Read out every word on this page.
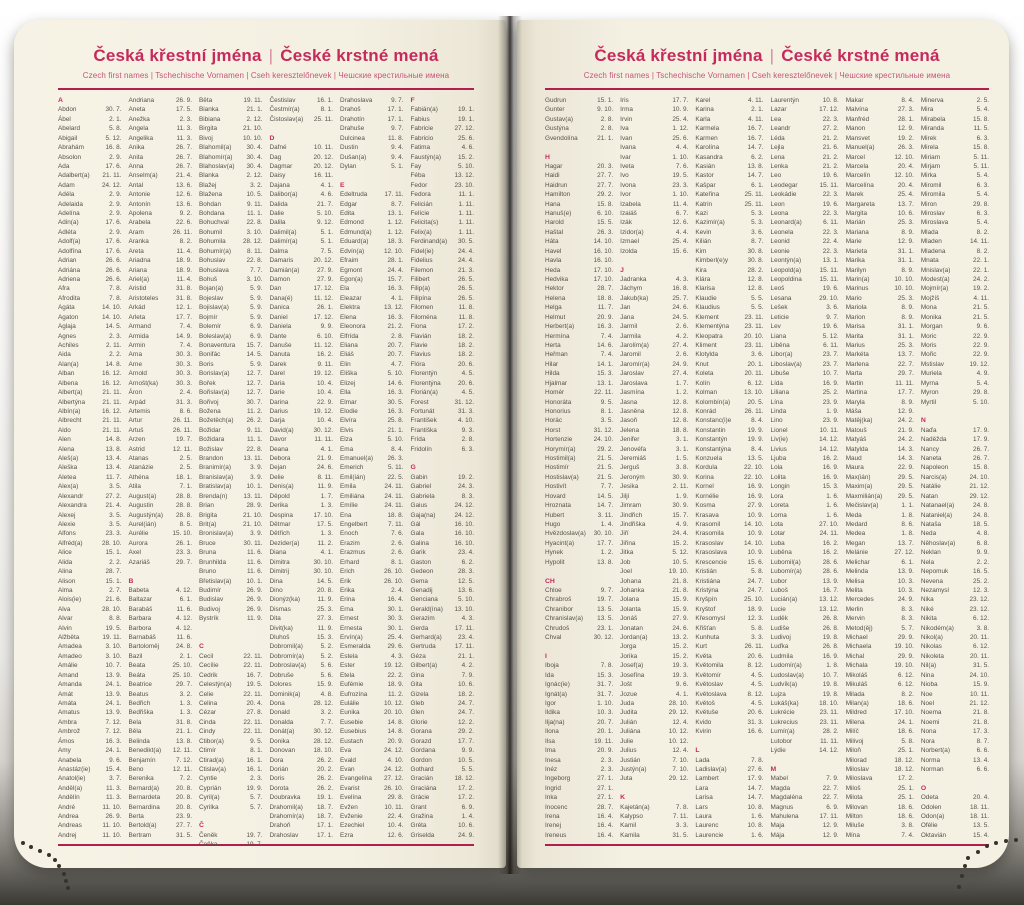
Česká křestní jména | České krstné mená
Czech first names | Tschechische Vornamen | Cseh keresztelőnevek | Чешские крестильные имена
A
Abdon	30. 7.
Ábel	2. 1.
Abelard	5. 8.
Abigail	5. 12.
Abrahám	16. 8.
Absolon	2. 9.
Ada	17. 6.
Adalbert(a)	21. 11.
Adam	24. 12.
Adéla	2. 9.
Adelaida	2. 9.
Adelína	2. 9.
Adin(a)	17. 6.
Adléta	2. 9.
Adolf(a)	17. 6.
Adolfína	17. 6.
Adrian	26. 6.
Adriána	26. 6.
Adriena	26. 6.
Afra	7. 8.
Afrodita	7. 8.
Agáta	14. 10.
Agaton	14. 10.
Aglaja	14. 5.
Agnes	2. 3.
Achiles	2. 11.
Aida	2. 2.
Alan(a)	14. 8.
Alban	16. 12.
Albena	16. 12.
Albert(a)	21. 11.
Albertýna	21. 11.
Albín(a)	16. 12.
Albrecht	21. 11.
Aldo	21. 11.
Alen	14. 8.
Alena	13. 8.
Aleš(a)	13. 4.
Aleška	13. 4.
Aletea	11. 7.
Alex(a)	3. 5.
Alexandr	27. 2.
Alexandra	21. 4.
Alexej	3. 5.
Alexie	3. 5.
Alfons	23. 3.
Alfréd(a)	28. 10.
Alice	15. 1.
Alida	2. 2.
Alina	28. 7.
Alison	15. 1.
Alma	2. 7.
Alois(ie)	21. 6.
Alva	28. 10.
Alvar	8. 8.
Alvin	19. 5.
Alžběta	19. 11.
Amadea	3. 10.
Amadeo	3. 10.
Amálie	10. 7.
Amand	13. 9.
Amanda	24. 1.
Amát	13. 9.
Amáta	24. 1.
Amatus	13. 9.
Ambra	7. 12.
Ambrož	7. 12.
Ámos	16. 3.
Amy	24. 1.
Anabela	9. 6.
Anastáz(ie)	15. 4.
Anatol(ie)	3. 7.
Anděl(a)	11. 3.
Andělín	11. 3.
André	11. 10.
Andrea	26. 9.
Andreas	11. 10.
Andrej	11. 10.
Andriana	26. 9.
Aneta	17. 5.
Anežka	2. 3.
Angela	11. 3.
Angelika	11. 3.
Anika	26. 7.
Anita	26. 7.
Anna	26. 7.
Anselm(a)	21. 4.
Antal	13. 6.
Antonie	12. 6.
Antonín	13. 6.
Apolena	9. 2.
Arabela	22. 6.
Aram	26. 11.
Aranka	8. 2.
Areta	11. 4.
Ariadna	18. 9.
Ariana	18. 9.
Ariel(a)	11. 4.
Aristid	31. 8.
Aristoteles	31. 8.
Arkád	12. 1.
Arleta	17. 7.
Armand	7. 4.
Armida	14. 9.
Armin	7. 4.
Arna	30. 3.
Arne	30. 3.
Arnold	30. 3.
Arnošt(ka)	30. 3.
Áron	2. 4.
Arpád	31. 3.
Artemis	8. 6.
Artur	26. 11.
Artuš	26. 11.
Arzen	19. 7.
Astrid	12. 11.
Atanas	2. 5.
Atanázie	2. 5.
Athéna	18. 1.
Atila	7. 1.
August(a)	28. 8.
Augustin	28. 8.
Augustýn(a)	28. 8.
Aurel(ián)	8. 5.
Aurélie	15. 10.
Aurora	26. 1.
Axel	23. 3.
Azariáš	29. 7.
B
Babeta	4. 12.
Baltazar	6. 1.
Barabáš	11. 6.
Barbara	4. 12.
Barbora	4. 12.
Barnabáš	11. 6.
Bartoloměj	24. 8.
Bazil	2. 1.
Beata	25. 10.
Beáta	25. 10.
Beatrice	29. 7.
Beatus	3. 2.
Bedřich	1. 3.
Bedřiška	1. 3.
Bela	31. 8.
Běla	21. 1.
Belinda	13. 8.
Benedikt(a)	12. 11.
Benjamín	7. 12.
Beno	12. 11.
Berenika	7. 2.
Bernard(a)	20. 8.
Bernardeta	20. 8.
Bernardina	20. 8.
Berta	23. 9.
Bertold(a)	27. 7.
Bertram	31. 5.
Běta	19. 11.
Bianka	21. 1.
Bibiana	2. 12.
Birgita	21. 10.
Bivoj	10. 10.
Blahomil(a)	30. 4.
Blahomír(a)	30. 4.
Blahoslav(a)	30. 4.
Blanka	2. 12.
Blažej	3. 2.
Blažena	10. 5.
Bohdan	9. 11.
Bohdana	11. 1.
Bohuchval	22. 8.
Bohumil	3. 10.
Bohumila	28. 12.
Bohumír(a)	8. 11.
Bohuslav	22. 8.
Bohuslava	7. 7.
Bohuš	3. 10.
Bojan(a)	5. 9.
Bojeslav	5. 9.
Bojislav(a)	5. 9.
Bojmír	5. 9.
Bolemír	6. 9.
Boleslav(a)	6. 9.
Bonaventura	15. 7.
Bonifác	14. 5.
Boris	5. 9.
Borislav(a)	12. 7.
Bořek	12. 7.
Bořislav(a)	12. 7.
Bořivoj	30. 7.
Božena	11. 2.
Božetěch(a)	26. 2.
Božidar	9. 11.
Božidara	11. 1.
Božislav	22. 8.
Brandon	13. 11.
Branimír(a)	3. 9.
Branislav(a)	3. 9.
Bratislav(a)	10. 1.
Brenda(n)	13. 11.
Brian	28. 9.
Brigita	21. 10.
Brit(a)	21. 10.
Bronislav(a)	3. 9.
Bruce	30. 11.
Bruna	11. 6.
Brunhilda	11. 6.
Bruno	11. 6.
Břetislav(a)	10. 1.
Budimír	26. 9.
Budislav	26. 9.
Budivoj	26. 9.
Bystrík	11. 9.
C
Cecil	22. 11.
Cecílie	22. 11.
Cedrik	16. 7.
Celestýn(a)	19. 5.
Celie	22. 11.
Celina	20. 4.
Cézar	27. 8.
Cinda	22. 11.
Cindy	22. 11.
Ctibor(a)	9. 5.
Ctimír	8. 1.
Ctirad(a)	16. 1.
Ctislav(a)	16. 1.
Cyntie	2. 3.
Cyprián	19. 9.
Cyril(a)	5. 7.
Cyrilka	5. 7.
Č
Čeněk	19. 7.
Čeňka	19. 7.
Čestislav	16. 1.
Čestmír(a)	8. 1.
Čistoslav(a)	25. 11.
D
Dafné	10. 11.
Dag	20. 12.
Dagmar	20. 12.
Daisy	16. 11.
Dajana	4. 1.
Dalibor(a)	4. 6.
Dalida	21. 7.
Dalie	5. 10.
Dalila	9. 12.
Dalimil(a)	5. 1.
Dalimír(a)	5. 1.
Dalma	7. 5.
Damaris	20. 12.
Damián(a)	27. 9.
Damon	27. 9.
Dan	17. 12.
Dana(é)	11. 12.
Danica	26. 1.
Daniel	17. 12.
Daniela	9. 9.
Dante	6. 10.
Danuše	11. 12.
Danuta	16. 2.
Darek	9. 11.
Darel	19. 12.
Daria	10. 4.
Darie	10. 4.
Darina	22. 9.
Darius	19. 12.
Darja	10. 4.
David(a)	30. 12.
Davor	11. 11.
Deana	4. 1.
Debora	21. 9.
Dejan	24. 6.
Delie	8. 11.
Denis(a)	11. 9.
Děpold	1. 7.
Derika	1. 3.
Despina	17. 10.
Dětmar	17. 5.
Dětřich	1. 3.
Dezider(a)	11. 2.
Diana	4. 1.
Dimitra	30. 10.
Dimitrij	30. 10.
Dina	14. 5.
Dino	20. 8.
Dionýz(ka)	11. 9.
Dismas	25. 3.
Dita	27. 3.
Divit(ka)	11. 9.
Dluhoš	15. 3.
Dobromil(a)	5. 2.
Dobromír(a)	5. 2.
Dobroslav(a)	5. 6.
Dobruše	5. 6.
Dolores	15. 9.
Dominik(a)	4. 8.
Dona	28. 12.
Donald	3. 2.
Donalda	7. 7.
Donát(a)	30. 12.
Donika	28. 12.
Donovan	18. 10.
Dora	26. 2.
Dorián	20. 2.
Doris	26. 2.
Dorota	26. 2.
Doubravka	19. 1.
Drahomil(a)	18. 7.
Drahomír(a)	18. 7.
Drahoň	17. 1.
Drahoslav	17. 1.
Drahoslava	9. 7.
Drahoš	17. 1.
Drahotín	17. 1.
Drahuše	9. 7.
Dulcinea	11. 8.
Dustin	9. 4.
Dušan(a)	9. 4.
Dylan	5. 1.
E
Edeltruda	17. 11.
Edgar	8. 7.
Edita	13. 1.
Edmond	1. 12.
Edmund(a)	1. 12.
Eduard(a)	18. 3.
Edvín(a)	12. 10.
Efraim	28. 1.
Egmont	24. 4.
Egon(a)	15. 7.
Ela	16. 3.
Eleazar	4. 1.
Elektra	13. 12.
Elena	16. 3.
Eleonora	21. 2.
Elfrída	2. 8.
Eliana	20. 7.
Eliáš	20. 7.
Elin	4. 7.
Eliška	5. 10.
Elizej	14. 6.
Ella	16. 3.
Elmar	30. 5.
Elodie	16. 3.
Elvíra	25. 8.
Elvis	21. 1.
Elza	5. 10.
Ema	8. 4.
Emanuel(a)	26. 3.
Emerich	5. 11.
Emil(ián)	22. 5.
Emila	24. 11.
Emiliána	24. 11.
Emílie	24. 11.
Ena	18. 8.
Engelbert	7. 11.
Enoch	7. 6.
Erazim	2. 6.
Erazmus	2. 6.
Erhard	8. 1.
Erich	26. 10.
Erik	26. 10.
Erika	2. 4.
Erina	16. 4.
Erna	30. 1.
Ernest	30. 3.
Ernesta	30. 1.
Ervín(a)	25. 4.
Esmeralda	29. 6.
Estela	4. 3.
Ester	19. 12.
Etela	22. 2.
Eufémie	18. 9.
Eufrozína	11. 2.
Eulálie	10. 12.
Eunika	20. 10.
Eusebie	14. 8.
Eusebius	14. 8.
Eustach	20. 9.
Eva	24. 12.
Evald	4. 10.
Evan	24. 12.
Evangelína	27. 12.
Evarist	26. 10.
Evelína	29. 8.
Evžen	10. 11.
Evženie	22. 4.
Ezechiel	10. 4.
Ezra	12. 6.
F
Fabián(a)	19. 1.
Fabius	19. 1.
Fabricie	27. 12.
Fabricio	25. 6.
Fatima	4. 6.
Faustýn(a)	15. 2.
Fay	5. 10.
Féba	13. 12.
Fedor	23. 10.
Fedora	11. 1.
Felicián	1. 11.
Felície	1. 11.
Felicita(s)	1. 11.
Felix(a)	1. 11.
Ferdinand(a)	30. 5.
Fidel(ie)	24. 4.
Fidelius	24. 4.
Filemon	21. 3.
Filibert	26. 5.
Filip(a)	26. 5.
Filipína	26. 5.
Filomen	11. 8.
Filoména	11. 8.
Fiona	17. 2.
Flavián	18. 2.
Flavie	18. 2.
Flavius	18. 2.
Flóra	20. 6.
Florentýn	4. 5.
Florentýna	20. 6.
Florián(a)	4. 5.
Forest	31. 12.
Fortunát	31. 3.
František	4. 10.
Františka	9. 3.
Frída	2. 8.
Fridolín	6. 3.
G
Gabin	19. 2.
Gabriel	24. 3.
Gabriela	8. 3.
Gaius	24. 12.
Gaja(na)	24. 12.
Gál	16. 10.
Gala	16. 10.
Galina	16. 10.
Garik	23. 4.
Gaston	6. 2.
Gedeon	28. 3.
Gema	12. 5.
Genadij	13. 6.
Genciana	5. 10.
Gerald(ína)	13. 10.
Gerazim	4. 3.
Gerda	17. 11.
Gerhard(a)	23. 4.
Gertruda	17. 11.
Géza	21. 1.
Gilbert(a)	4. 2.
Gina	7. 9.
Gita	10. 6.
Gizela	18. 2.
Gleb	24. 7.
Glen	24. 7.
Glorie	12. 2.
Gorana	29. 2.
Gorazd	17. 7.
Gordana	9. 9.
Gordon	10. 5.
Gothard	5. 5.
Gracián	18. 12.
Graciána	17. 2.
Grácie	17. 2.
Grant	6. 9.
Gražina	1. 4.
Gréta	10. 6.
Griselda	24. 9.
Česká křestní jména | České krstné mená
Czech first names | Tschechische Vornamen | Cseh keresztelőnevek | Чешские крестильные имена
Gudrun	15. 1.
Gunter	9. 10.
Gustav(a)	2. 8.
Gustýna	2. 8.
Gvendolína	21. 1.
H
Hagar	20. 3.
Haidi	27. 7.
Haidrun	27. 7.
Hamilton	29. 2.
Hana	15. 8.
Hanuš(e)	6. 10.
Harold	15. 5.
Haštal	26. 3.
Háta	14. 10.
Havel	16. 10.
Havla	16. 10.
Heda	17. 10.
Hedvika	17. 10.
Hektor	28. 7.
Helena	18. 8.
Helga	11. 7.
Helmut	20. 9.
Herbert(a)	16. 3.
Hermína	7. 4.
Herta	14. 6.
Heřman	7. 4.
Hilar	14. 1.
Hilda	15. 3.
Hjalmar	13. 1.
Homér	22. 11.
Honoráta	9. 5.
Honorius	8. 1.
Horác	3. 5.
Horst	31. 12.
Hortenzie	24. 10.
Horymír(a)	29. 2.
Hostimil(a)	21. 5.
Hostimír	21. 5.
Hostislav(a)	21. 5.
Hostivít	7. 7.
Hovard	14. 5.
Hroznata	14. 7.
Hubert	3. 11.
Hugo	1. 4.
Hvězdoslav(a)	30. 10.
Hyacint(a)	17. 7.
Hynek	1. 2.
Hypolit	13. 8.
CH
Chloe	9. 7.
Chrabroš	19. 7.
Chranibor	13. 5.
Chranislav(a)	13. 5.
Chrudoš	23. 1.
Chval	30. 12.
I
Iboja	7. 8.
Ida	15. 3.
Ignác(ie)	31. 7.
Ignát(a)	31. 7.
Igor	1. 10.
Ildika	10. 3.
Ilja(na)	20. 7.
Ilona	20. 1.
Ilsa	19. 11.
Ima	20. 9.
Inesa	2. 3.
Inéz	2. 3.
Ingeborg	27. 1.
Ingrid	27. 1.
Inka	27. 1.
Inocenc	28. 7.
Irena	16. 4.
Irenej	16. 4.
Ireneus	16. 4.
Iris	17. 7.
Irma	10. 9.
Irvin	25. 4.
Iva	1. 12.
Ivan	25. 6.
Ivana	4. 4.
Ivar	1. 10.
Iveta	7. 6.
Ivo	19. 5.
Ivona	23. 3.
Ivor	1. 10.
Izabela	11. 4.
Izaiáš	6. 7.
Izák	12. 6.
Izidor(a)	4. 4.
Izmael	25. 4.
Izolda	15. 6.
J
Jadranka	4. 3.
Jáchym	16. 8.
Jakub(ka)	25. 7.
Jan	24. 6.
Jana	24. 5.
Jarmil	2. 6.
Jarmila	4. 2.
Jarolím(a)	27. 4.
Jaromil	2. 6.
Jaromír(a)	24. 9.
Jaroslav	27. 4.
Jaroslava	1. 7.
Jasmína	1. 2.
Jasna	12. 8.
Jasněna	12. 8.
Jasoň	12. 8.
Jelena	18. 8.
Jenifer	3. 1.
Jenovéfa	3. 1.
Jeremiáš	1. 5.
Jerguš	3. 8.
Jeroným	30. 9.
Jesika	2. 11.
Jiljí	1. 9.
Jimram	30. 9.
Jindřich	15. 7.
Jindřiška	4. 9.
Jiří	24. 4.
Jiřina	15. 2.
Jitka	5. 12.
Job	10. 5.
Joel	19. 10.
Johana	21. 8.
Johanka	21. 8.
Jolana	15. 9.
Jolanta	15. 9.
Jonáš	27. 9.
Jonatan	24. 6.
Jordan(a)	13. 2.
Jorga	15. 2.
Jorika	15. 2.
Josef(a)	19. 3.
Josefína	19. 3.
Jošt	9. 6.
Jozue	4. 1.
Juda	28. 10.
Judita	29. 12.
Julián	12. 4.
Juliána	10. 12.
Julie	10. 12.
Julius	12. 4.
Justián	7. 10.
Justýn(a)	7. 10.
Juta	29. 12.
K
Kajetán(a)	7. 8.
Kalypso	7. 11.
Kamil	3. 3.
Kamila	31. 5.
Karel	4. 11.
Karina	2. 1.
Karla	4. 11.
Karmela	16. 7.
Karmen	16. 7.
Karolína	14. 7.
Kasandra	6. 2.
Kasián	13. 8.
Kastor	14. 7.
Kašpar	6. 1.
Kateřina	25. 11.
Katrin	25. 11.
Kazi	5. 3.
Kazimír(a)	5. 3.
Kevin	3. 6.
Kilián	8. 7.
Kim	30. 8.
Kimberl(e)y	30. 8.
Kira	28. 2.
Klára	12. 8.
Klarisa	12. 8.
Klaudie	5. 5.
Klaudius	5. 5.
Klement	23. 11.
Klementýna	23. 11.
Kleopatra	20. 10.
Kliment	23. 11.
Klotylda	3. 6.
Knut	20. 1.
Koleta	20. 11.
Kolín	6. 12.
Kolman	13. 10.
Kolombín(a)	20. 5.
Konrád	26. 11.
Konstanc(i)e	8. 4.
Konstantin	19. 9.
Konstantýn	19. 9.
Konstantýna	8. 4.
Konzuela	13. 5.
Kordula	22. 10.
Korina	22. 10.
Kornel	16. 9.
Kornélie	16. 9.
Kosma	27. 9.
Krasava	10. 9.
Krasomil	14. 10.
Krasomila	10. 9.
Krasoslav	14. 10.
Krasoslava	10. 9.
Krescencie	15. 6.
Kristián	5. 8.
Kristiána	24. 7.
Kristýna	24. 7.
Kryšpín	25. 10.
Kryštof	18. 9.
Křesomysl	12. 3.
Křišťan	5. 8.
Kunhuta	3. 3.
Kurt	26. 11.
Květa	20. 6.
Květomila	8. 12.
Květomír	4. 5.
Květoslav	4. 5.
Květoslava	8. 12.
Květoš	4. 5.
Květuše	20. 6.
Kvido	31. 3.
Kvirin	16. 6.
L
Lada	7. 8.
Ladislav(a)	27. 6.
Lambert	17. 9.
Lara	14. 7.
Larisa	14. 7.
Lars	10. 8.
Laura	1. 6.
Laurenc	10. 8.
Laurencie	1. 6.
Laurentýn	10. 8.
Lazar	17. 12.
Lea	22. 3.
Leandr	27. 2.
Léda	21. 2.
Lejla	21. 6.
Lena	21. 2.
Lenka	21. 2.
Leo	19. 6.
Leodegar	15. 11.
Leokádie	22. 3.
Leon	19. 6.
Leona	22. 3.
Leonard(a)	6. 11.
Leonela	22. 3.
Leonid	22. 4.
Leonie	22. 3.
Leontýn(a)	13. 1.
Leopold(a)	15. 11.
Leopoldina	15. 11.
Leoš	19. 6.
Lesana	29. 10.
Lešek	3. 6.
Leticie	9. 7.
Lev	19. 6.
Liana	5. 12.
Liběna	6. 11.
Libor(a)	23. 7.
Liboslav(a)	23. 7.
Libuše	10. 7.
Lída	16. 9.
Liliana	25. 2.
Lína	23. 9.
Linda	1. 9.
Lino	23. 9.
Lionel	10. 11.
Liv(ie)	14. 12.
Livius	14. 12.
Ljuba	16. 2.
Lola	16. 9.
Lolita	16. 9.
Longin	15. 3.
Lora	1. 6.
Loreta	1. 6.
Lorna	1. 6.
Lota	27. 10.
Lotar	24. 11.
Luba	16. 2.
Luběna	16. 2.
Lubomil(a)	28. 6.
Lubomír(a)	28. 6.
Lubor	13. 9.
Luboš	16. 7.
Lucián(a)	13. 12.
Lucie	13. 12.
Luděk	26. 8.
Ludiše	26. 8.
Ludivoj	19. 8.
Luďka	26. 8.
Ludmila	16. 9.
Ludomír(a)	1. 8.
Ludoslav(a)	10. 7.
Ludvík(a)	19. 8.
Lujza	19. 8.
Lukáš(ka)	18. 10.
Lukrécie	23. 11.
Lukrecius	23. 11.
Lumír(a)	28. 2.
Lutobor	11. 11.
Lýdie	14. 12.
M
Mabel	7. 9.
Magda	22. 7.
Magdaléna	22. 7.
Magnus	6. 9.
Mahulena	17. 11.
Maja	12. 9.
Mája	12. 9.
Makar	8. 4.
Malvína	27. 3.
Manfréd	28. 1.
Manon	12. 9.
Mansvet	19. 2.
Manuel(a)	26. 3.
Marcel	12. 10.
Marcela	20. 4.
Marcelín	12. 10.
Marcelína	20. 4.
Marek	25. 4.
Margareta	13. 7.
Margita	10. 6.
Marián	25. 3.
Mariana	8. 9.
Marie	12. 9.
Marieta	31. 1.
Marika	31. 1.
Marilyn	8. 9.
Marin(a)	10. 10.
Marinus	10. 10.
Mario	25. 3.
Mariola	8. 9.
Marion	8. 9.
Marisa	31. 1.
Marita	31. 1.
Marius	25. 3.
Markéta	13. 7.
Marlena	22. 7.
Marta	29. 7.
Martin	11. 11.
Martina	17. 7.
Maryla	8. 9.
Máša	12. 9.
Matěj(ka)	24. 2.
Matouš	21. 9.
Matyáš	24. 2.
Matylda	14. 3.
Maud	14. 3.
Maura	22. 9.
Max(ián)	29. 5.
Maxim(a)	29. 5.
Maxmilián(a)	29. 5.
Mečislav(a)	1. 1.
Meda	1. 8.
Medard	8. 6.
Medea	1. 8.
Megan	13. 7.
Melánie	27. 12.
Melichar	6. 1.
Melinda	13. 9.
Melisa	10. 3.
Melita	10. 3.
Mercedes	24. 9.
Merlin	8. 3.
Mervin	8. 3.
Metod(ěj)	5. 7.
Michael	29. 9.
Michaela	19. 10.
Michal	29. 9.
Michala	19. 10.
Mikoláš	6. 12.
Mikuláš	6. 12.
Milada	8. 2.
Milan(a)	18. 6.
Mildred	17. 10.
Milena	24. 1.
Milíč	18. 6.
Milivoj	5. 8.
Miloň	25. 1.
Milorad	18. 12.
Miloslav	18. 12.
Miloslava	17. 2.
Miloš	25. 1.
Milota	25. 1.
Milovan	18. 6.
Milton	18. 6.
Miluše	3. 8.
Mína	7. 4.
Minerva	2. 5.
Mira	5. 4.
Mirabela	15. 8.
Miranda	11. 5.
Mirek	6. 3.
Mirela	15. 8.
Miriam	5. 11.
Mirjam	5. 11.
Mirka	5. 4.
Miromil	6. 3.
Miromila	5. 4.
Miron	29. 8.
Miroslav	6. 3.
Miroslava	5. 4.
Mlada	8. 2.
Mladen	14. 11.
Mladena	8. 2.
Mnata	22. 1.
Mnislav(a)	22. 1.
Modest(a)	24. 2.
Mojmír(a)	19. 2.
Mojžíš	4. 11.
Mona	21. 5.
Monika	21. 5.
Morgan	9. 6.
Moric	22. 9.
Moris	22. 9.
Mořic	22. 9.
Mstislav	19. 12.
Muriela	4. 9.
Myrna	5. 4.
Myron	29. 8.
Myrtil	5. 10.
N
Naďa	17. 9.
Naděžda	17. 9.
Nancy	26. 7.
Naneta	26. 7.
Napoleon	15. 8.
Narcis(a)	24. 10.
Natálie	21. 12.
Natan	29. 12.
Natanael(a)	24. 8.
Nataniel(a)	24. 8.
Nataša	18. 5.
Neda	4. 8.
Něhoslav(a)	6. 8.
Neklan	9. 9.
Nela	2. 2.
Nepomuk	16. 5.
Nevena	25. 2.
Nezamysl	12. 3.
Nika	23. 12.
Niké	23. 12.
Nikita	6. 12.
Nikodém(a)	3. 8.
Nikol(a)	20. 11.
Nikolas	6. 12.
Nikoleta	20. 11.
Nil(a)	31. 5.
Nina	24. 10.
Nioba	15. 9.
Noe	10. 11.
Noel	21. 12.
Noema	21. 8.
Noemi	21. 8.
Nona	17. 3.
Nora	8. 7.
Norbert(a)	6. 6.
Norma	13. 4.
Norman	6. 6.
O
Odeta	20. 4.
Odolen	18. 11.
Odon(a)	18. 11.
Ofélie	13. 5.
Oktavián	15. 4.
